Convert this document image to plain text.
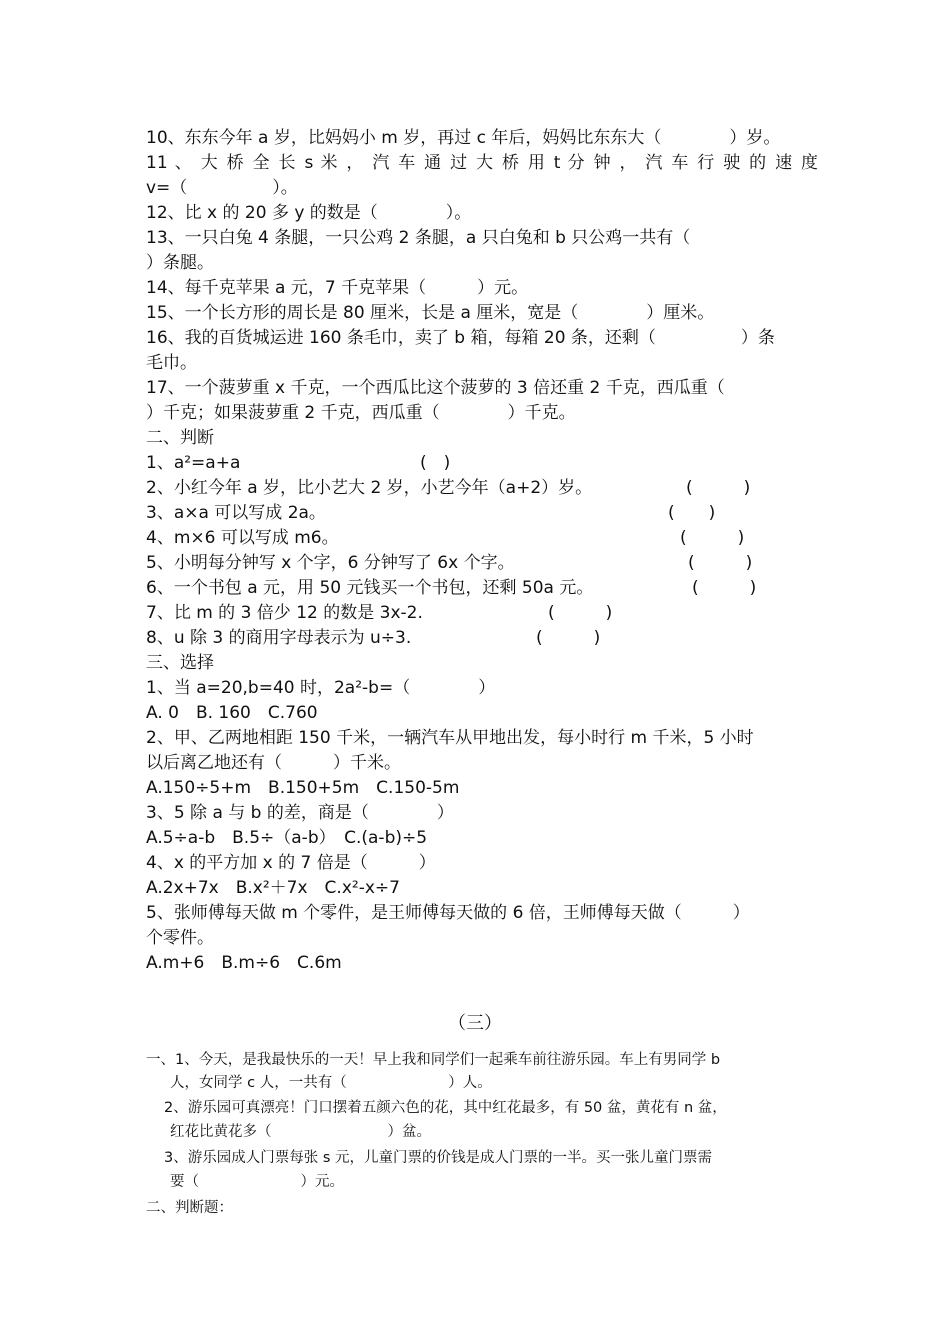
10、东东今年 a 岁，比妈妈小 m 岁，再过 c 年后，妈妈比东东大（　　　　）岁。
11 、 大 桥 全 长 s 米 ， 汽 车 通 过 大 桥 用 t 分 钟 ， 汽 车 行 驶 的 速 度
v=（　　　　　）。
12、比 x 的 20 多 y 的数是（　　　　）。
13、一只白兔 4 条腿，一只公鸡 2 条腿，a 只白兔和 b 只公鸡一共有（
）条腿。
14、每千克苹果 a 元，7 千克苹果（　　　）元。
15、一个长方形的周长是 80 厘米，长是 a 厘米，宽是（　　　　）厘米。
16、我的百货城运进 160 条毛巾，卖了 b 箱，每箱 20 条，还剩（　　　　　）条
毛巾。
17、一个菠萝重 x 千克，一个西瓜比这个菠萝的 3 倍还重 2 千克，西瓜重（
）千克；如果菠萝重 2 千克，西瓜重（　　　　）千克。
二、判断
1、a²=a+a	(　)
2、小红今年 a 岁，比小艺大 2 岁，小艺今年（a+2）岁。	(　　　)
3、a×a 可以写成 2a。	(　　)
4、m×6 可以写成 m6。	(　　　)
5、小明每分钟写 x 个字，6 分钟写了 6x 个字。	(　　　)
6、一个书包 a 元，用 50 元钱买一个书包，还剩 50a 元。	(　　　)
7、比 m 的 3 倍少 12 的数是 3x-2.	(　　　)
8、u 除 3 的商用字母表示为 u÷3.	(　　　)
三、选择
1、当 a=20,b=40 时，2a²-b=（　　　　）
A. 0　B. 160　C.760
2、甲、乙两地相距 150 千米，一辆汽车从甲地出发，每小时行 m 千米，5 小时
以后离乙地还有（　　　）千米。
A.150÷5+m　B.150+5m　C.150-5m
3、5 除 a 与 b 的差，商是（　　　　）
A.5÷a-b　B.5÷（a-b）　C.(a-b)÷5
4、x 的平方加 x 的 7 倍是（　　　）
A.2x+7x　B.x²＋7x　C.x²-x÷7
5、张师傅每天做 m 个零件，是王师傅每天做的 6 倍，王师傅每天做（　　　）
个零件。
A.m+6　B.m÷6　C.6m
（三）
一、1、今天，是我最快乐的一天！早上我和同学们一起乘车前往游乐园。车上有男同学 b
人，女同学 c 人，一共有（　　　　　　　）人。
2、游乐园可真漂亮！门口摆着五颜六色的花，其中红花最多，有 50 盆，黄花有 n 盆，
红花比黄花多（　　　　　　　　）盆。
3、游乐园成人门票每张 s 元，儿童门票的价钱是成人门票的一半。买一张儿童门票需
要（　　　　　　　）元。
二、判断题：
